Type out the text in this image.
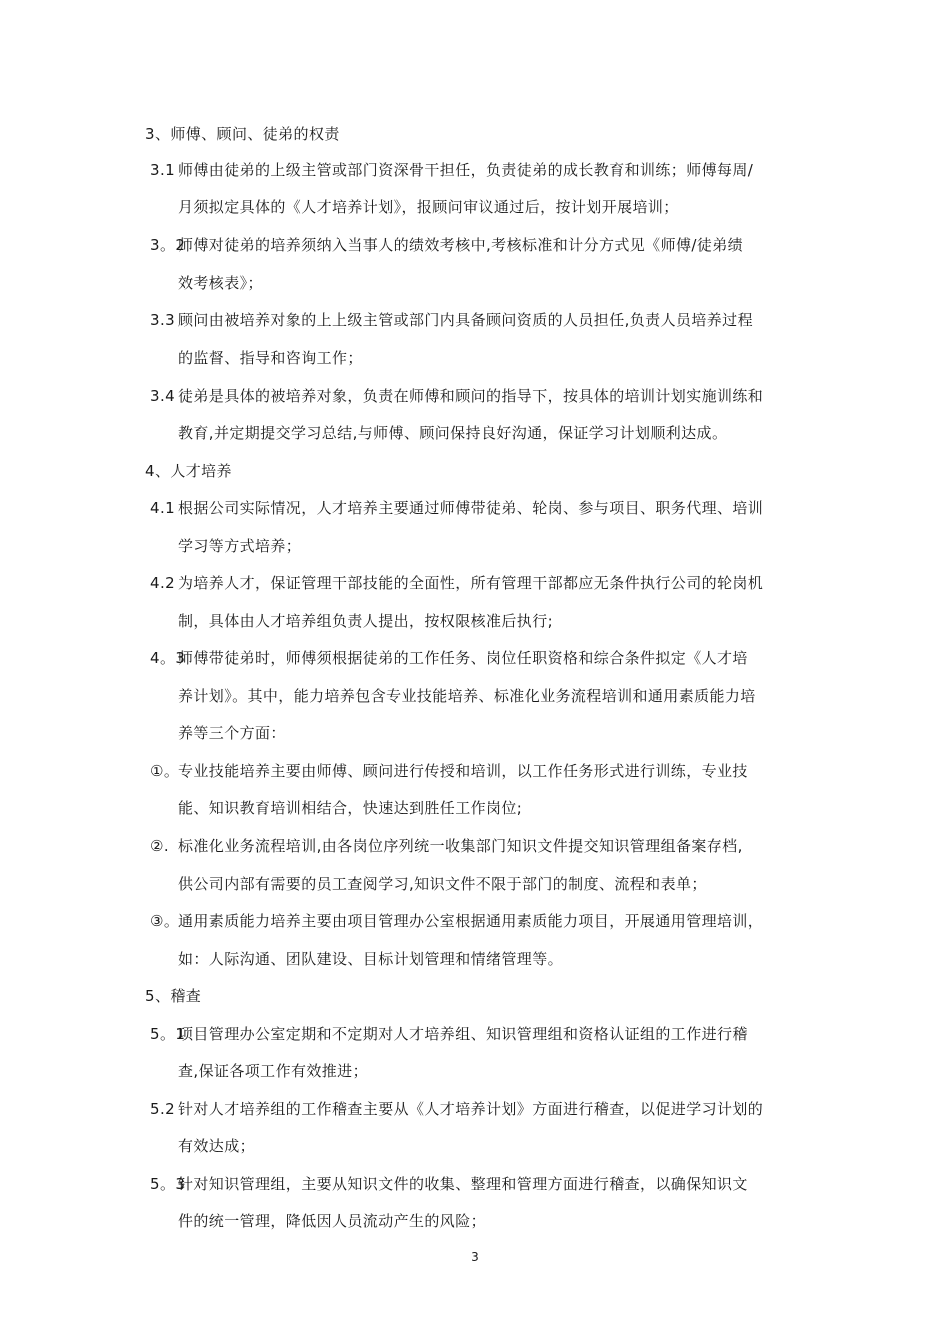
3、师傅、顾问、徒弟的权责
3.1 师傅由徒弟的上级主管或部门资深骨干担任，负责徒弟的成长教育和训练；师傅每周/
月须拟定具体的《人才培养计划》，报顾问审议通过后，按计划开展培训；
3。2师傅对徒弟的培养须纳入当事人的绩效考核中,考核标准和计分方式见《师傅/徒弟绩
效考核表》；
3.3 顾问由被培养对象的上上级主管或部门内具备顾问资质的人员担任,负责人员培养过程
的监督、指导和咨询工作；
3.4 徒弟是具体的被培养对象，负责在师傅和顾问的指导下，按具体的培训计划实施训练和
教育,并定期提交学习总结,与师傅、顾问保持良好沟通，保证学习计划顺利达成。
4、人才培养
4.1 根据公司实际情况，人才培养主要通过师傅带徒弟、轮岗、参与项目、职务代理、培训
学习等方式培养；
4.2 为培养人才，保证管理干部技能的全面性，所有管理干部都应无条件执行公司的轮岗机
制，具体由人才培养组负责人提出，按权限核准后执行;
4。3师傅带徒弟时，师傅须根据徒弟的工作任务、岗位任职资格和综合条件拟定《人才培
养计划》。其中，能力培养包含专业技能培养、标准化业务流程培训和通用素质能力培
养等三个方面：
①。专业技能培养主要由师傅、顾问进行传授和培训，以工作任务形式进行训练，专业技
能、知识教育培训相结合，快速达到胜任工作岗位;
②. 标准化业务流程培训,由各岗位序列统一收集部门知识文件提交知识管理组备案存档,
供公司内部有需要的员工查阅学习,知识文件不限于部门的制度、流程和表单；
③。通用素质能力培养主要由项目管理办公室根据通用素质能力项目，开展通用管理培训，
如：人际沟通、团队建设、目标计划管理和情绪管理等。
5、稽查
5。1项目管理办公室定期和不定期对人才培养组、知识管理组和资格认证组的工作进行稽
查,保证各项工作有效推进；
5.2 针对人才培养组的工作稽查主要从《人才培养计划》方面进行稽查，以促进学习计划的
有效达成；
5。3针对知识管理组，主要从知识文件的收集、整理和管理方面进行稽查，以确保知识文
件的统一管理，降低因人员流动产生的风险；
3
